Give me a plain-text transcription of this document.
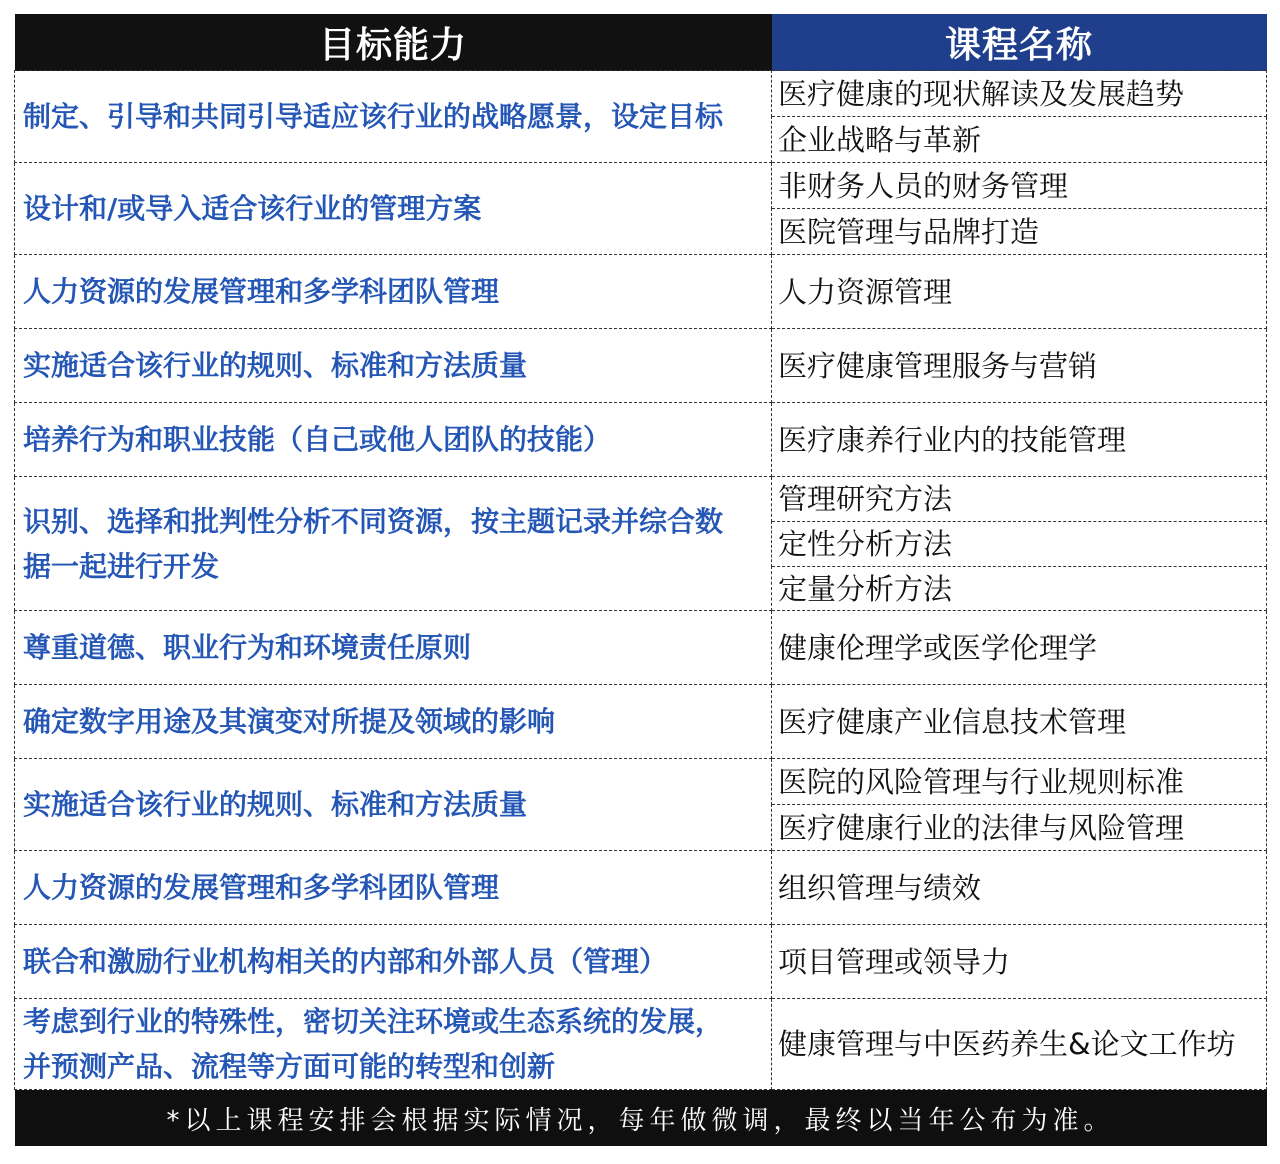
目标能力	课程名称

制定、引导和共同引导适应该行业的战略愿景，设定目标	医疗健康的现状解读及发展趋势
	企业战略与革新

设计和/或导入适合该行业的管理方案	非财务人员的财务管理
	医院管理与品牌打造

人力资源的发展管理和多学科团队管理	人力资源管理

实施适合该行业的规则、标准和方法质量	医疗健康管理服务与营销

培养行为和职业技能（自己或他人团队的技能）	医疗康养行业内的技能管理

识别、选择和批判性分析不同资源，按主题记录并综合数
据一起进行开发	管理研究方法
	定性分析方法
	定量分析方法

尊重道德、职业行为和环境责任原则	健康伦理学或医学伦理学

确定数字用途及其演变对所提及领域的影响	医疗健康产业信息技术管理

实施适合该行业的规则、标准和方法质量	医院的风险管理与行业规则标准
	医疗健康行业的法律与风险管理

人力资源的发展管理和多学科团队管理	组织管理与绩效

联合和激励行业机构相关的内部和外部人员（管理）	项目管理或领导力

考虑到行业的特殊性，密切关注环境或生态系统的发展，
并预测产品、流程等方面可能的转型和创新	健康管理与中医药养生&论文工作坊
*以上课程安排会根据实际情况，每年做微调，最终以当年公布为准。	
